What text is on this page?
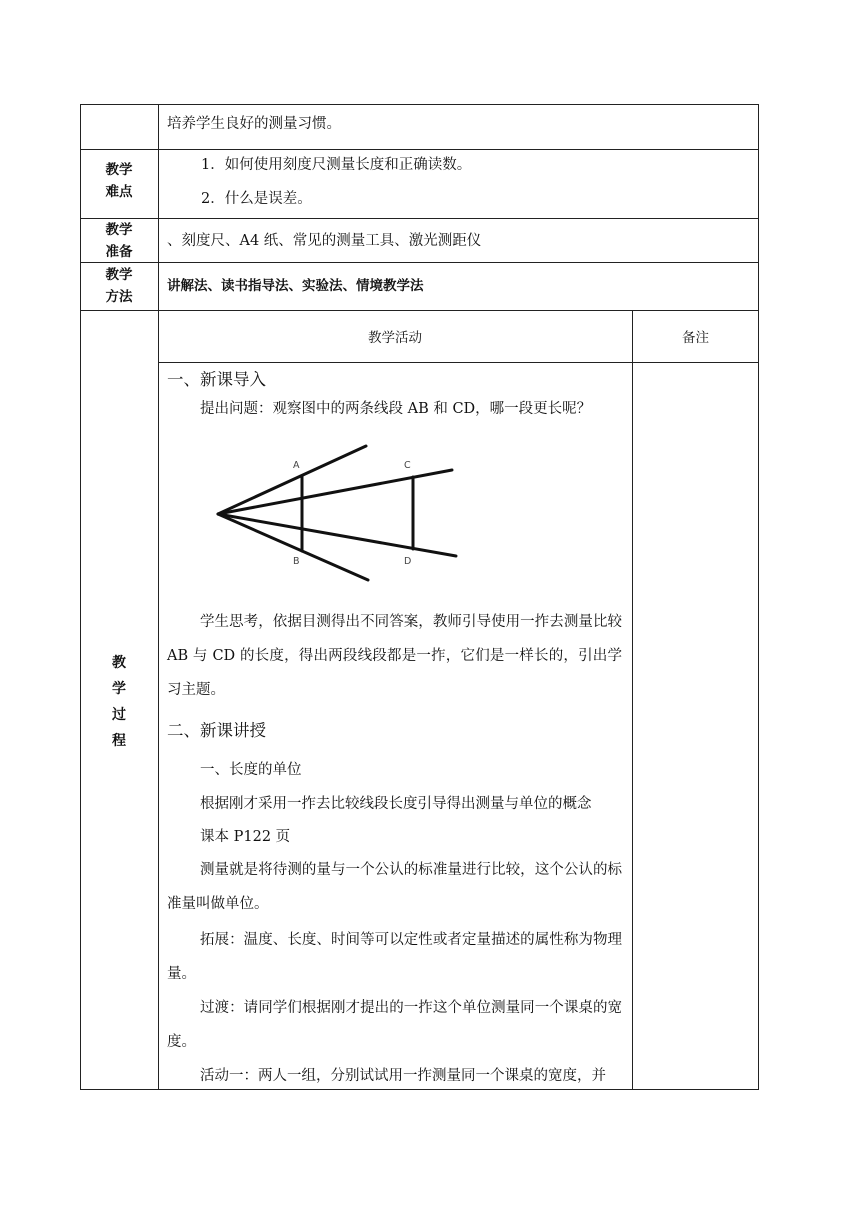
培养学生良好的测量习惯。
教学
难点
1．如何使用刻度尺测量长度和正确读数。
2．什么是误差。
教学
准备
、刻度尺、A4 纸、常见的测量工具、激光测距仪
教学
方法
讲解法、读书指导法、实验法、情境教学法
教
学
过
程
教学活动	备注
一、新课导入
提出问题：观察图中的两条线段 AB 和 CD，哪一段更长呢？
A
B
C
D
学生思考，依据目测得出不同答案，教师引导使用一拃去测量比较 AB 与 CD 的长度，得出两段线段都是一拃，它们是一样长的，引出学习主题。
二、新课讲授
一、长度的单位
根据刚才采用一拃去比较线段长度引导得出测量与单位的概念
课本 P122 页
测量就是将待测的量与一个公认的标准量进行比较，这个公认的标准量叫做单位。
拓展：温度、长度、时间等可以定性或者定量描述的属性称为物理量。
过渡：请同学们根据刚才提出的一拃这个单位测量同一个课桌的宽度。
活动一：两人一组，分别试试用一拃测量同一个课桌的宽度，并
